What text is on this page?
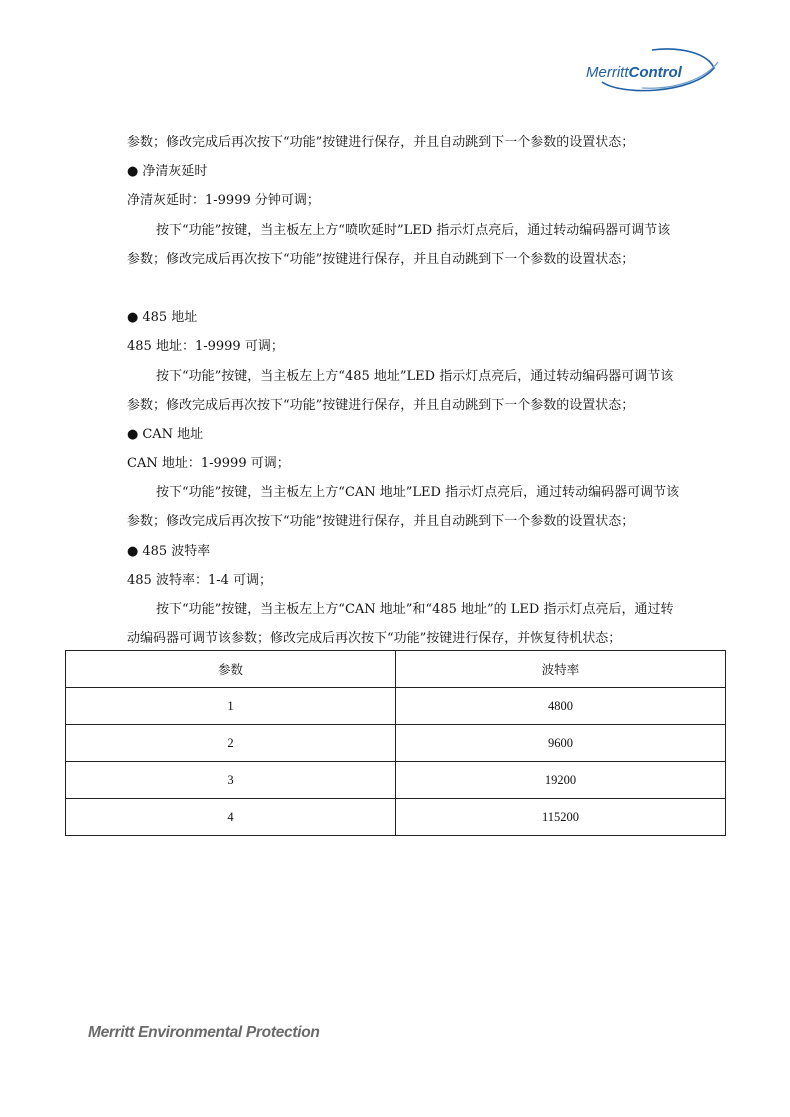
MerrittControl
参数；修改完成后再次按下“功能”按键进行保存，并且自动跳到下一个参数的设置状态；
● 净清灰延时
净清灰延时：1-9999 分钟可调；
按下“功能”按键，当主板左上方“喷吹延时”LED 指示灯点亮后，通过转动编码器可调节该
参数；修改完成后再次按下“功能”按键进行保存，并且自动跳到下一个参数的设置状态；
● 485 地址
485 地址：1-9999 可调；
按下“功能”按键，当主板左上方“485 地址”LED 指示灯点亮后，通过转动编码器可调节该
参数；修改完成后再次按下“功能”按键进行保存，并且自动跳到下一个参数的设置状态；
● CAN 地址
CAN 地址：1-9999 可调；
按下“功能”按键，当主板左上方“CAN 地址”LED 指示灯点亮后，通过转动编码器可调节该
参数；修改完成后再次按下“功能”按键进行保存，并且自动跳到下一个参数的设置状态；
● 485 波特率
485 波特率：1-4 可调；
按下“功能”按键，当主板左上方“CAN 地址”和“485 地址”的 LED 指示灯点亮后，通过转
动编码器可调节该参数；修改完成后再次按下“功能”按键进行保存，并恢复待机状态；
参数	波特率
1	4800
2	9600
3	19200
4	115200
Merritt Environmental Protection
